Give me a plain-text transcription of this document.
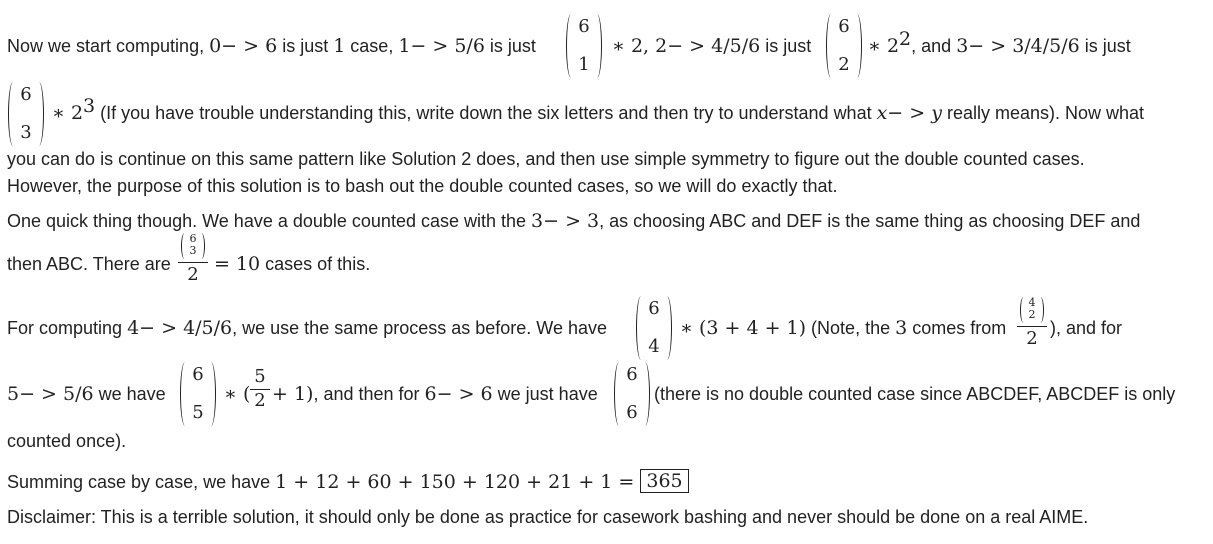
Now we start computing, 0− > 6 is just 1 case, 1− > 5/6 is just
6
1
∗ 2, 2− > 4/5/6 is just
6
2
∗ $2^2$, and 3− > 3/4/5/6 is just
6
3
∗ $2^3$ (If you have trouble understanding this, write down the six letters and then try to understand what x− > y really means). Now what
you can do is continue on this same pattern like Solution 2 does, and then use simple symmetry to figure out the double counted cases.
However, the purpose of this solution is to bash out the double counted cases, so we will do exactly that.
One quick thing though. We have a double counted case with the 3− > 3, as choosing ABC and DEF is the same thing as choosing DEF and
then ABC. There are
6
3
2 = 10 cases of this.
For computing 4− > 4/5/6, we use the same process as before. We have
6
4
∗ (3 + 4 + 1) (Note, the 3 comes from
4
2
2 ), and for
5− > 5/6 we have
6
5
∗ (
5
2 + 1), and then for 6− > 6 we just have
6
6
(there is no double counted case since ABCDEF, ABCDEF is only
counted once).
Summing case by case, we have 1 + 12 + 60 + 150 + 120 + 21 + 1 = 365
Disclaimer: This is a terrible solution, it should only be done as practice for casework bashing and never should be done on a real AIME.
